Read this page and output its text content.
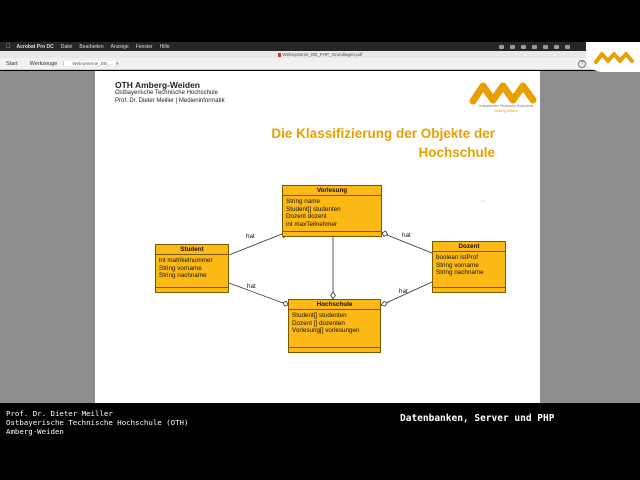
Acrobat Pro DC Datei Bearbeiten Anzeige Fenster Hilfe
Websysteme_DB_PHP_Grundlagen.pdf
Start	Werkzeuge	Websysteme_DB_... ×	?
OTH Amberg-Weiden
Ostbayerische Technische Hochschule
Prof. Dr. Dieter Meiller | Medieninformatik
Ostbayerische Technische Hochschule
Amberg-Weiden
Die Klassifizierung der Objekte der
Hochschule
·:·
hat	hat
hat
hat
Vorlesung
String name
Student[] studenten
Dozent dozent
int maxTeilnehmer
Student
int matrikelnummer
String vorname
String nachname
Dozent
boolean istProf
String vorname
String nachname
Hochschule
Student[] studenten
Dozent [] dozenten
Vorlesung[] vorlesungen
Prof. Dr. Dieter Meiller
Ostbayerische Technische Hochschule (OTH)
Amberg-Weiden
Datenbanken, Server und PHP
